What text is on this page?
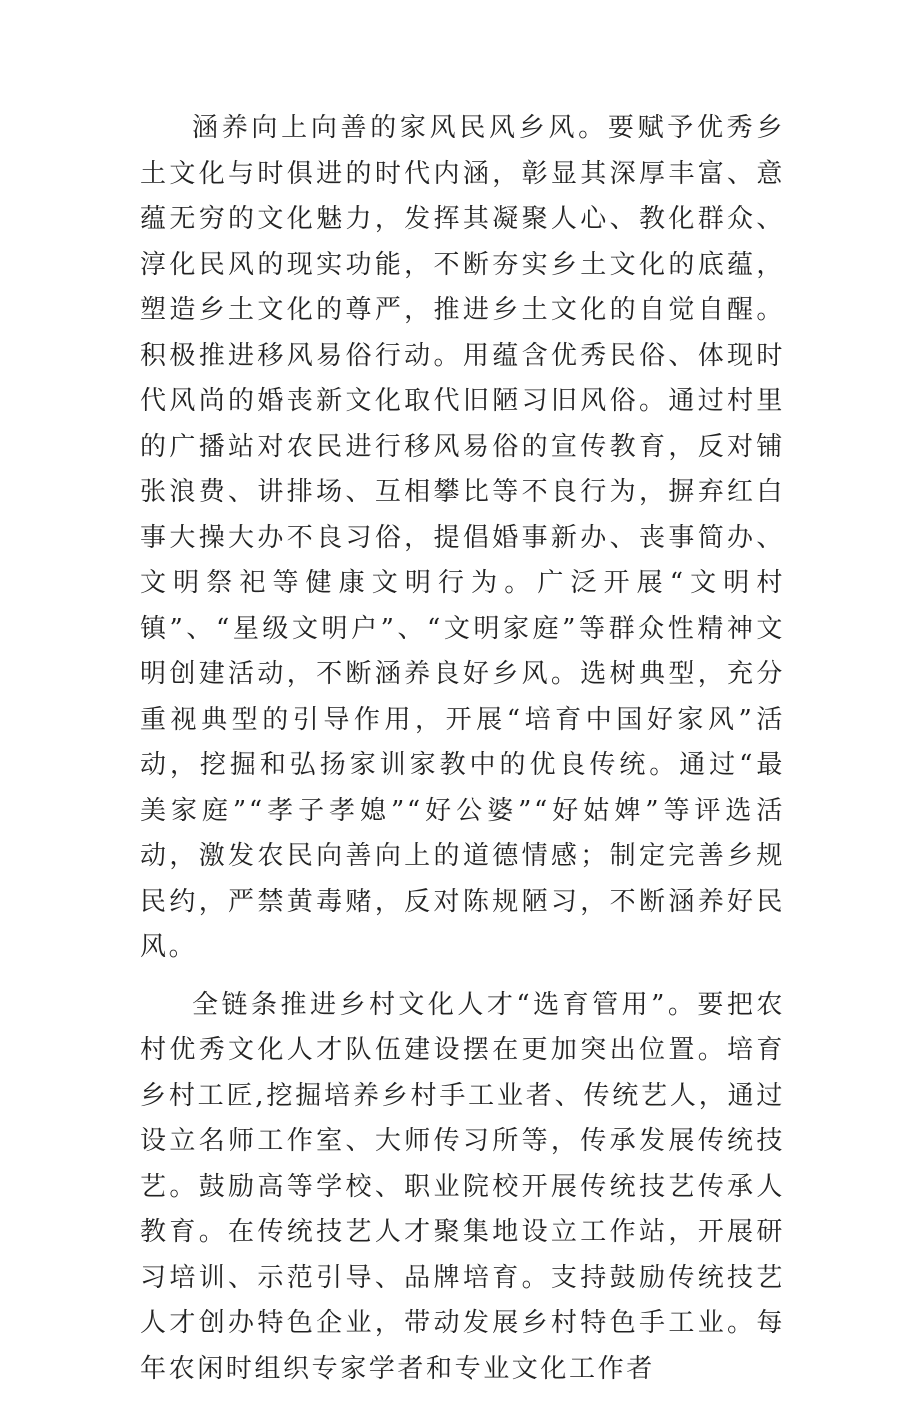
涵养向上向善的家风民风乡风。要赋予优秀乡土文化与时俱进的时代内涵，彰显其深厚丰富、意蕴无穷的文化魅力，发挥其凝聚人心、教化群众、淳化民风的现实功能，不断夯实乡土文化的底蕴，塑造乡土文化的尊严，推进乡土文化的自觉自醒。积极推进移风易俗行动。用蕴含优秀民俗、体现时代风尚的婚丧新文化取代旧陋习旧风俗。通过村里的广播站对农民进行移风易俗的宣传教育，反对铺张浪费、讲排场、互相攀比等不良行为，摒弃红白事大操大办不良习俗，提倡婚事新办、丧事简办、文明祭祀等健康文明行为。广泛开展“文明村镇”、“星级文明户”、“文明家庭”等群众性精神文明创建活动，不断涵养良好乡风。选树典型，充分重视典型的引导作用，开展“培育中国好家风”活动，挖掘和弘扬家训家教中的优良传统。通过“最美家庭”“孝子孝媳”“好公婆”“好姑婢”等评选活动，激发农民向善向上的道德情感；制定完善乡规民约，严禁黄毒赌，反对陈规陋习，不断涵养好民风。

全链条推进乡村文化人才“选育管用”。要把农村优秀文化人才队伍建设摆在更加突出位置。培育乡村工匠,挖掘培养乡村手工业者、传统艺人，通过设立名师工作室、大师传习所等，传承发展传统技艺。鼓励高等学校、职业院校开展传统技艺传承人教育。在传统技艺人才聚集地设立工作站，开展研习培训、示范引导、品牌培育。支持鼓励传统技艺人才创办特色企业，带动发展乡村特色手工业。每年农闲时组织专家学者和专业文化工作者
